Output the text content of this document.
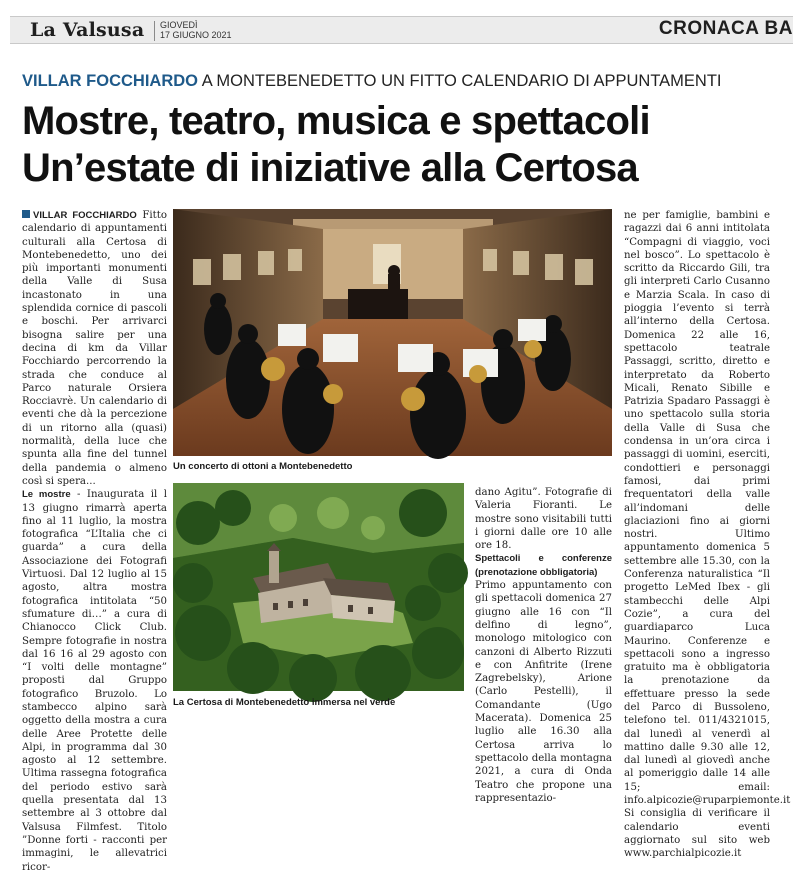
La Valsusa GIOVEDÌ
17 GIUGNO 2021	CRONACA BA
VILLAR FOCCHIARDO A MONTEBENEDETTO UN FITTO CALENDARIO DI APPUNTAMENTI
Mostre, teatro, musica e spettacoli
Un’estate di iniziative alla Certosa

VILLAR FOCCHIARDO Fitto calendario di appuntamenti culturali alla Certosa di Montebenedetto, uno dei più importanti monumenti della Valle di Susa incastonato in una splendida cornice di pascoli e boschi. Per arrivarci bisogna salire per una decina di km da Villar Focchiardo percorrendo la strada che conduce al Parco naturale Orsiera Rocciavrè. Un calendario di eventi che dà la percezione di un ritorno alla (quasi) normalità, della luce che spunta alla fine del tunnel della pandemia o almeno così si spera...

Le mostre - Inaugurata il l 13 giugno rimarrà aperta fino al 11 luglio, la mostra fotografica “L’Italia che ci guarda” a cura della Associazione dei Fotografi Virtuosi. Dal 12 luglio al 15 agosto, altra mostra fotografica intitolata “50 sfumature di…” a cura di Chianocco Click Club. Sempre fotografie in nostra dal 16 16 al 29 agosto con “I volti delle montagne” proposti dal Gruppo fotografico Bruzolo. Lo stambecco alpino sarà oggetto della mostra a cura delle Aree Protette delle Alpi, in programma dal 30 agosto al 12 settembre. Ultima rassegna fotografica del periodo estivo sarà quella presentata dal 13 settembre al 3 ottobre dal Valsusa Filmfest. Titolo ”Donne forti - racconti per immagini, le allevatrici ricor-

Un concerto di ottoni a Montebenedetto
La Certosa di Montebenedetto immersa nel verde

dano Agitu”. Fotografie di Valeria Fioranti. Le mostre sono visitabili tutti i giorni dalle ore 10 alle ore 18.

Spettacoli e conferenze (prenotazione obbligatoria)

Primo appuntamento con gli spettacoli domenica 27 giugno alle 16 con “Il delfino di legno”, monologo mitologico con canzoni di Alberto Rizzuti e con Anfitrite (Irene Zagrebelsky), Arione (Carlo Pestelli), il Comandante (Ugo Macerata). Domenica 25 luglio alle 16.30 alla Certosa arriva lo spettacolo della montagna 2021, a cura di Onda Teatro che propone una rappresentazio-

ne per famiglie, bambini e ragazzi dai 6 anni intitolata “Compagni di viaggio, voci nel bosco”. Lo spettacolo è scritto da Riccardo Gili, tra gli interpreti Carlo Cusanno e Marzia Scala. In caso di pioggia l’evento si terrà all’interno della Certosa. Domenica 22 alle 16, spettacolo teatrale Passaggi, scritto, diretto e interpretato da Roberto Micali, Renato Sibille e Patrizia Spadaro Passaggi è uno spettacolo sulla storia della Valle di Susa che condensa in un’ora circa i passaggi di uomini, eserciti, condottieri e personaggi famosi, dai primi frequentatori della valle all’indomani delle glaciazioni fino ai giorni nostri. Ultimo appuntamento domenica 5 settembre alle 15.30, con la Conferenza naturalistica “Il progetto LeMed Ibex - gli stambecchi delle Alpi Cozie”, a cura del guardiaparco Luca Maurino. Conferenze e spettacoli sono a ingresso gratuito ma è obbligatoria la prenotazione da effettuare presso la sede del Parco di Bussoleno, telefono tel. 011/4321015, dal lunedì al venerdì al mattino dalle 9.30 alle 12, dal lunedì al giovedì anche al pomeriggio dalle 14 alle 15; email: info.alpicozie@ruparpiemonte.it Si consiglia di verificare il calendario eventi aggiornato sul sito web www.parchialpicozie.it
